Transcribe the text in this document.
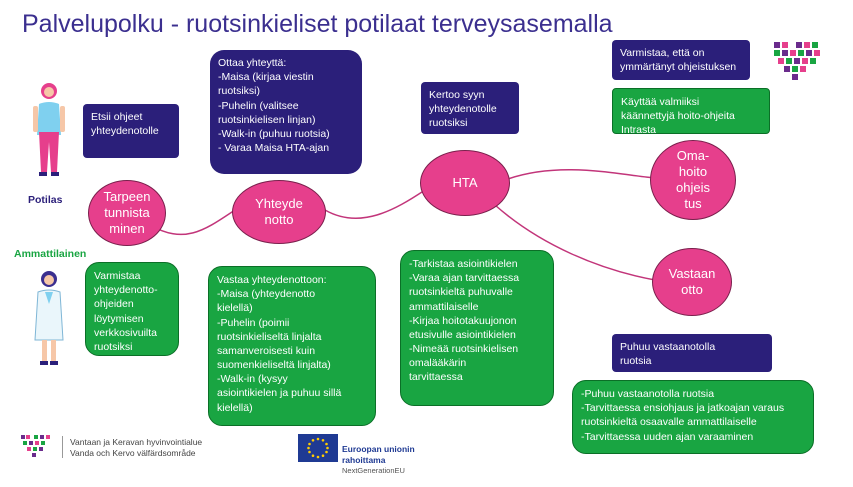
Palvelupolku - ruotsinkieliset potilaat terveysasemalla
Potilas
Ammattilainen
Etsii ohjeet
yhteydenotolle
Ottaa yhteyttä:
-Maisa (kirjaa viestin
ruotsiksi)
-Puhelin (valitsee
ruotsinkielisen linjan)
-Walk-in (puhuu ruotsia)
- Varaa Maisa HTA-ajan
Kertoo syyn
yhteydenotolle
ruotsiksi
Varmistaa, että on
ymmärtänyt ohjeistuksen
Puhuu vastaanotolla
ruotsia
Käyttää valmiiksi
käännettyjä hoito-ohjeita
Intrasta
Varmistaa
yhteydenotto-
ohjeiden
löytymisen
verkkosivuilta
ruotsiksi
Vastaa yhteydenottoon:
-Maisa (yhteydenotto
kielellä)
-Puhelin (poimii
ruotsinkieliseltä linjalta
samanveroisesti kuin
suomenkieliseltä linjalta)
-Walk-in (kysyy
asiointikielen ja puhuu sillä
kielellä)
-Tarkistaa asiointikielen
-Varaa ajan tarvittaessa
ruotsinkieltä puhuvalle
ammattilaiselle
-Kirjaa hoitotakuujonon
etusivulle asiointikielen
-Nimeää ruotsinkielisen
omalääkärin
tarvittaessa
-Puhuu vastaanotolla ruotsia
-Tarvittaessa ensiohjaus ja jatkoajan varaus
ruotsinkieltä osaavalle ammattilaiselle
-Tarvittaessa uuden ajan varaaminen
Tarpeen
tunnista
minen
Yhteyde
notto
HTA
Oma-
hoito
ohjeis
tus
Vastaan
otto
Vantaan ja Keravan hyvinvointialue
Vanda och Kervo välfärdsområde	Euroopan unionin
rahoittama

NextGenerationEU
